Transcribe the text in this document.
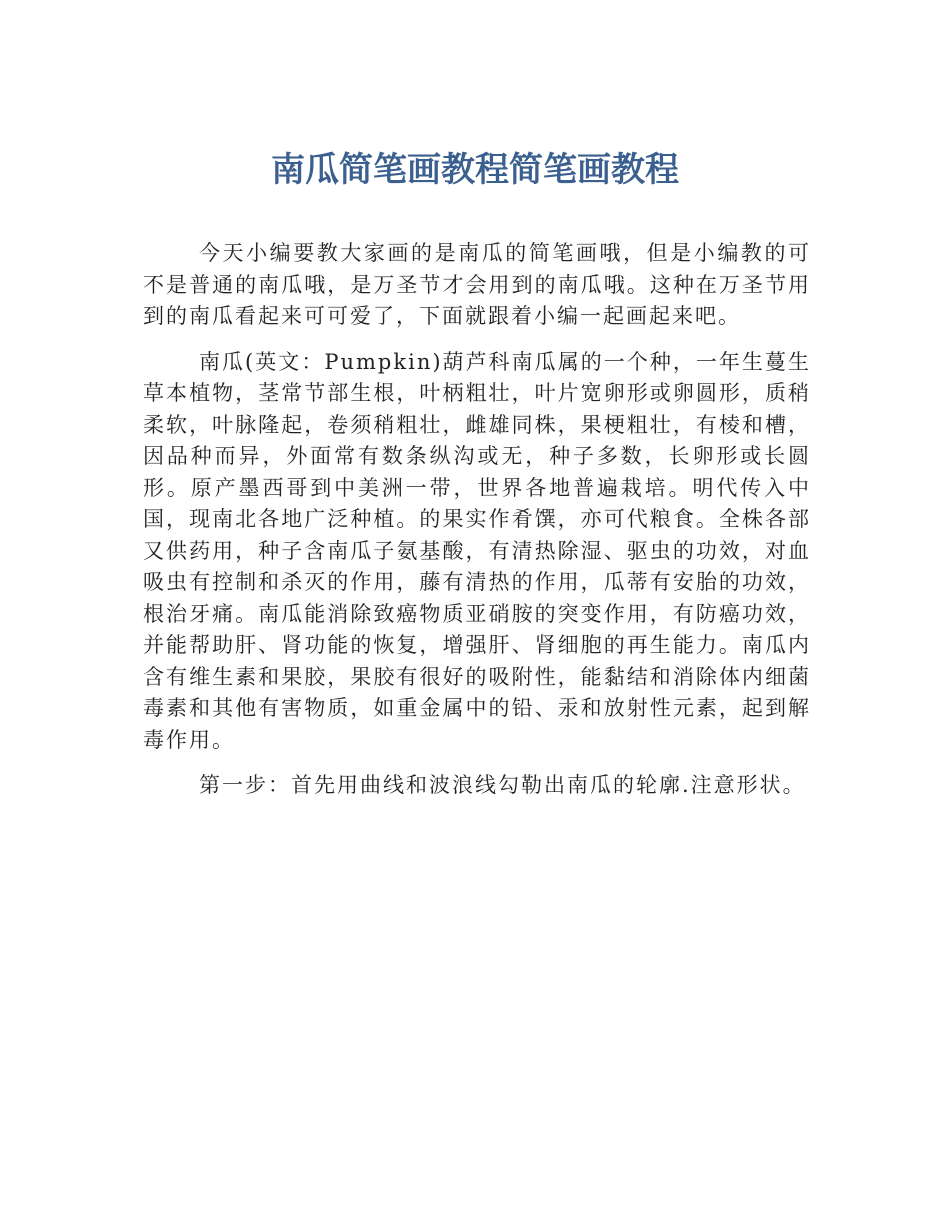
南瓜简笔画教程简笔画教程

今天小编要教大家画的是南瓜的简笔画哦，但是小编教的可不是普通的南瓜哦，是万圣节才会用到的南瓜哦。这种在万圣节用到的南瓜看起来可可爱了，下面就跟着小编一起画起来吧。

南瓜(英文：Pumpkin)葫芦科南瓜属的一个种，一年生蔓生草本植物，茎常节部生根，叶柄粗壮，叶片宽卵形或卵圆形，质稍柔软，叶脉隆起，卷须稍粗壮，雌雄同株，果梗粗壮，有棱和槽，因品种而异，外面常有数条纵沟或无，种子多数，长卵形或长圆形。原产墨西哥到中美洲一带，世界各地普遍栽培。明代传入中国，现南北各地广泛种植。的果实作肴馔，亦可代粮食。全株各部又供药用，种子含南瓜子氨基酸，有清热除湿、驱虫的功效，对血吸虫有控制和杀灭的作用，藤有清热的作用，瓜蒂有安胎的功效，根治牙痛。南瓜能消除致癌物质亚硝胺的突变作用，有防癌功效，并能帮助肝、肾功能的恢复，增强肝、肾细胞的再生能力。南瓜内含有维生素和果胶，果胶有很好的吸附性，能黏结和消除体内细菌毒素和其他有害物质，如重金属中的铅、汞和放射性元素，起到解毒作用。

第一步：首先用曲线和波浪线勾勒出南瓜的轮廓.注意形状。
